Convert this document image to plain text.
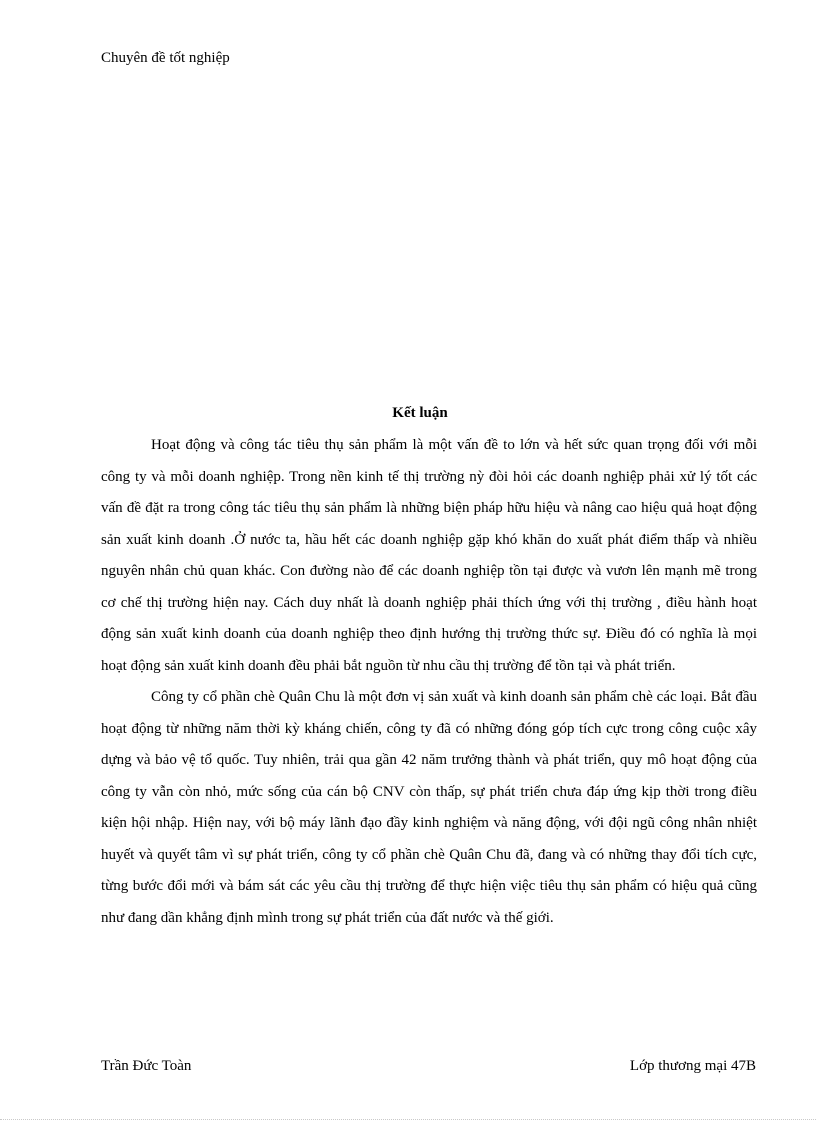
Chuyên đề tốt nghiệp
Kết luận

Hoạt động và công tác tiêu thụ sản phẩm là một vấn đề to lớn và hết sức quan trọng đối với mỗi công ty và mỗi doanh nghiệp. Trong nền kinh tế thị trường nỳ đòi hỏi các doanh nghiệp phải xử lý tốt các vấn đề đặt ra trong công tác tiêu thụ sản phẩm là những biện pháp hữu hiệu và nâng cao hiệu quả hoạt động sản xuất kinh doanh .Ở nước ta, hầu hết các doanh nghiệp gặp khó khăn do xuất phát điểm thấp và nhiều nguyên nhân chủ quan khác. Con đường nào để các doanh nghiệp tồn tại được và vươn lên mạnh mẽ trong cơ chế thị trường hiện nay. Cách duy nhất là doanh nghiệp phải thích ứng với thị trường , điều hành hoạt động sản xuất kinh doanh của doanh nghiệp theo định hướng thị trường thức sự. Điều đó có nghĩa là mọi hoạt động sản xuất kinh doanh đều phải bắt nguồn từ nhu cầu thị trường để tồn tại và phát triển.

Công ty cổ phần chè Quân Chu là một đơn vị sản xuất và kinh doanh sản phẩm chè các loại. Bắt đầu hoạt động từ những năm thời kỳ kháng chiến, công ty đã có những đóng góp tích cực trong công cuộc xây dựng và bảo vệ tổ quốc. Tuy nhiên, trải qua gần 42 năm trưởng thành và phát triển, quy mô hoạt động của công ty vẫn còn nhỏ, mức sống của cán bộ CNV còn thấp, sự phát triển chưa đáp ứng kịp thời trong điều kiện hội nhập. Hiện nay, với bộ máy lãnh đạo đầy kinh nghiệm và năng động, với đội ngũ công nhân nhiệt huyết và quyết tâm vì sự phát triển, công ty cổ phần chè Quân Chu đã, đang và có những thay đổi tích cực, từng bước đổi mới và bám sát các yêu cầu thị trường để thực hiện việc tiêu thụ sản phẩm có hiệu quả cũng như đang dần khẳng định mình trong sự phát triển của đất nước và thế giới.

Trần Đức Toàn	Lớp thương mại 47B
